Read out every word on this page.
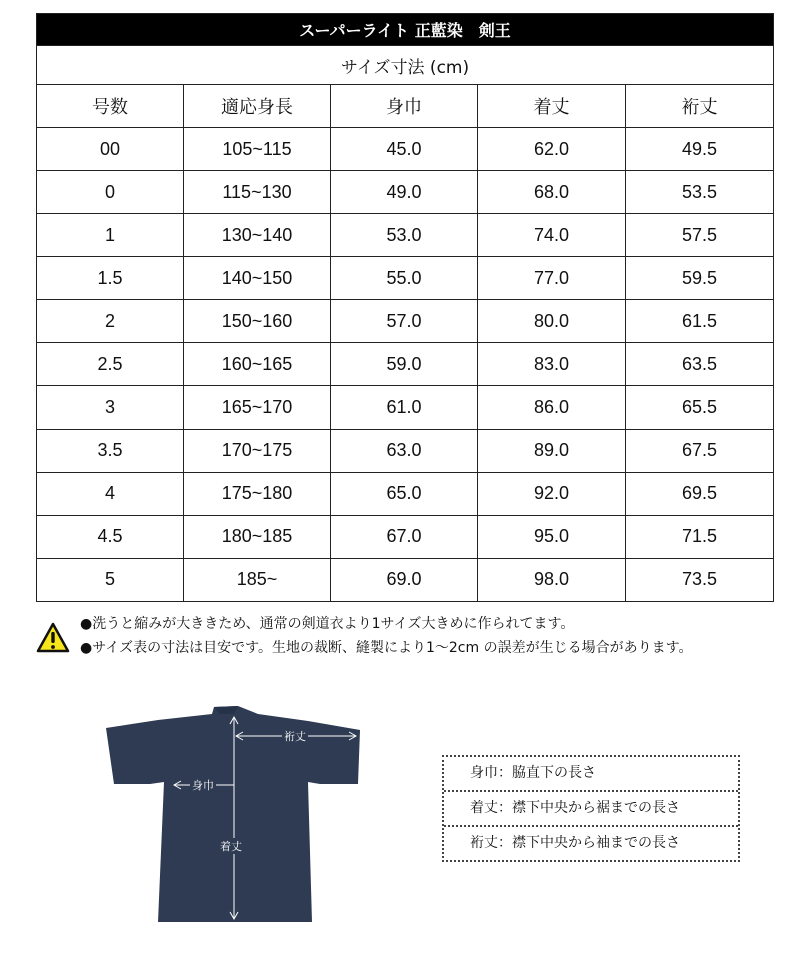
スーパーライト 正藍染　剣王				
サイズ寸法 (cm)				
号数	適応身長	身巾	着丈	裄丈
00	105~115	45.0	62.0	49.5
0	115~130	49.0	68.0	53.5
1	130~140	53.0	74.0	57.5
1.5	140~150	55.0	77.0	59.5
2	150~160	57.0	80.0	61.5
2.5	160~165	59.0	83.0	63.5
3	165~170	61.0	86.0	65.5
3.5	170~175	63.0	89.0	67.5
4	175~180	65.0	92.0	69.5
4.5	180~185	67.0	95.0	71.5
5	185~	69.0	98.0	73.5
●洗うと縮みが大ききため、通常の剣道衣より1サイズ大きめに作られてます。
●サイズ表の寸法は目安です。生地の裁断、縫製により1～2cm の誤差が生じる場合があります。
裄丈
身巾
着丈
身巾：脇直下の長さ
着丈：襟下中央から裾までの長さ
裄丈：襟下中央から袖までの長さ
